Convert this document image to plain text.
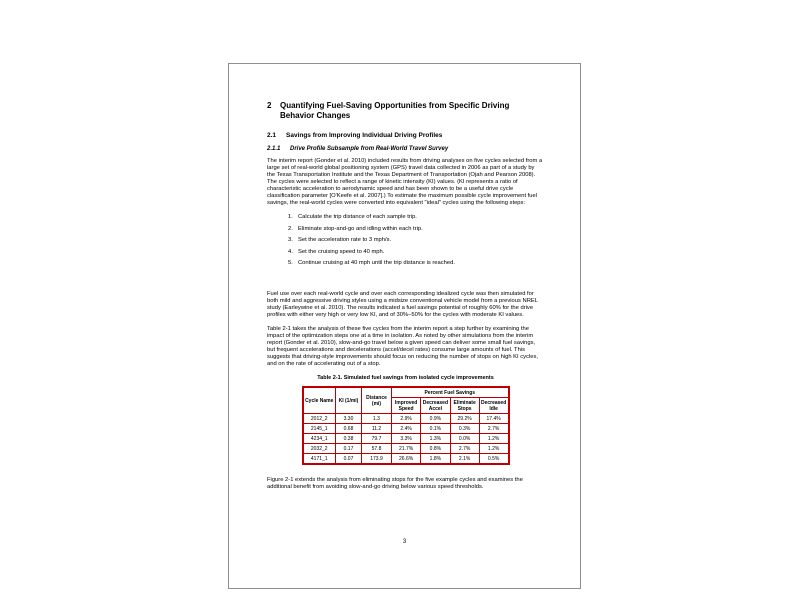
2	Quantifying Fuel-Saving Opportunities from Specific Driving Behavior Changes
2.1	Savings from Improving Individual Driving Profiles
2.1.1	Drive Profile Subsample from Real-World Travel Survey

The interim report (Gonder et al. 2010) included results from driving analyses on five cycles selected from a large set of real-world global positioning system (GPS) travel data collected in 2006 as part of a study by the Texas Transportation Institute and the Texas Department of Transportation (Ojah and Pearson 2008). The cycles were selected to reflect a range of kinetic intensity (KI) values. (KI represents a ratio of characteristic acceleration to aerodynamic speed and has been shown to be a useful drive cycle classification parameter [O'Keefe et al. 2007].) To estimate the maximum possible cycle improvement fuel savings, the real-world cycles were converted into equivalent "ideal" cycles using the following steps:

1. Calculate the trip distance of each sample trip.
2. Eliminate stop-and-go and idling within each trip.
3. Set the acceleration rate to 3 mph/s.
4. Set the cruising speed to 40 mph.
5. Continue cruising at 40 mph until the trip distance is reached.

Fuel use over each real-world cycle and over each corresponding idealized cycle was then simulated for both mild and aggressive driving styles using a midsize conventional vehicle model from a previous NREL study (Earleywine et al. 2010). The results indicated a fuel savings potential of roughly 60% for the drive profiles with either very high or very low KI, and of 30%–50% for the cycles with moderate KI values.

Table 2-1 takes the analysis of these five cycles from the interim report a step further by examining the impact of the optimization steps one at a time in isolation. As noted by other simulations from the interim report (Gonder et al. 2010), slow-and-go travel below a given speed can deliver some small fuel savings, but frequent accelerations and decelerations (accel/decel rates) consume large amounts of fuel. This suggests that driving-style improvements should focus on reducing the number of stops on high KI cycles, and on the rate of accelerating out of a stop.

Table 2-1. Simulated fuel savings from isolated cycle improvements
Cycle Name	KI (1/mi)	Distance (mi)	Percent Fuel Savings			
			Improved Speed	Decreased Accel	Eliminate Stops	Decreased Idle
2012_2	3.30	1.3	2.9%	0.9%	29.2%	17.4%
2145_1	0.68	11.2	2.4%	0.1%	0.3%	2.7%
4234_1	0.38	79.7	3.3%	1.3%	0.0%	1.2%
2032_2	0.17	57.8	21.7%	0.8%	2.7%	1.2%
4171_1	0.07	173.9	26.6%	1.8%	2.1%	0.5%

Figure 2-1 extends the analysis from eliminating stops for the five example cycles and examines the additional benefit from avoiding slow-and-go driving below various speed thresholds.

3
